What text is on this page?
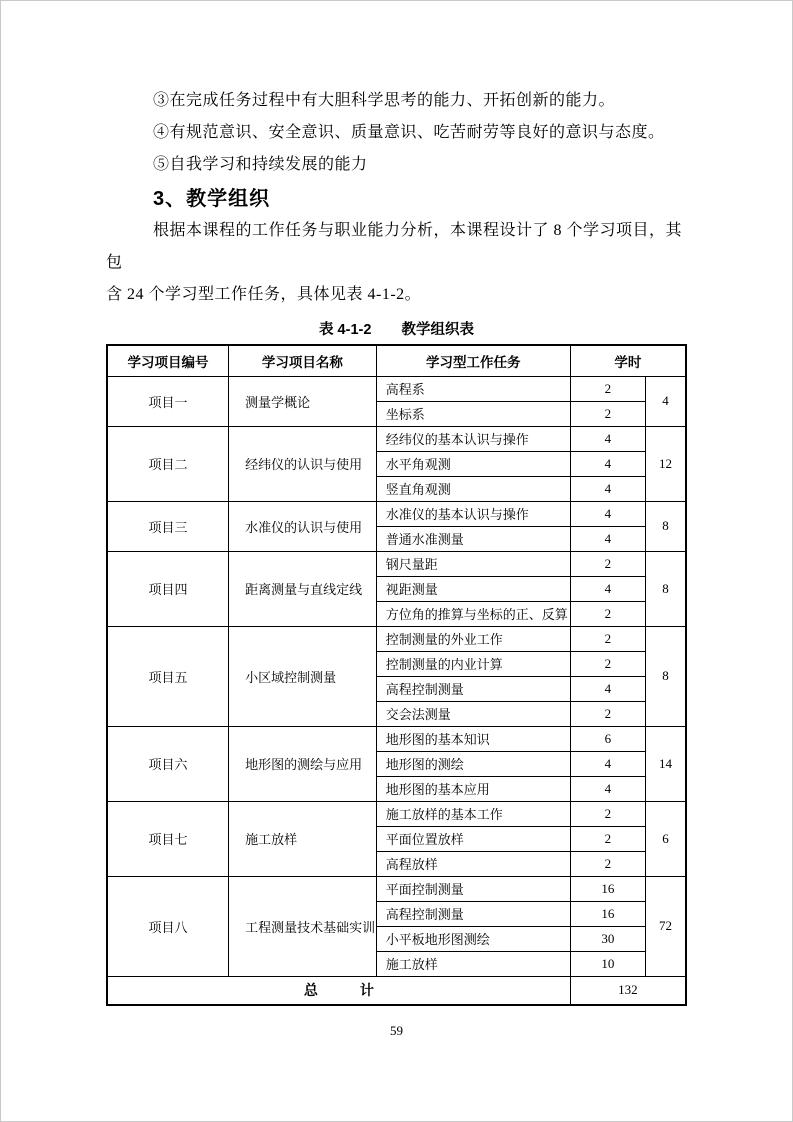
③在完成任务过程中有大胆科学思考的能力、开拓创新的能力。

④有规范意识、安全意识、质量意识、吃苦耐劳等良好的意识与态度。

⑤自我学习和持续发展的能力

3、教学组织

根据本课程的工作任务与职业能力分析，本课程设计了 8 个学习项目，其包

含 24 个学习型工作任务，具体见表 4-1-2。

表 4-1-2 教学组织表
学习项目编号	学习项目名称	学习型工作任务	学时	
项目一	测量学概论	高程系	2	4
		坐标系	2	
项目二	经纬仪的认识与使用	经纬仪的基本认识与操作	4	12
		水平角观测	4	
		竖直角观测	4	
项目三	水准仪的认识与使用	水准仪的基本认识与操作	4	8
		普通水准测量	4	
项目四	距离测量与直线定线	钢尺量距	2	8
		视距测量	4	
		方位角的推算与坐标的正、反算	2	
项目五	小区域控制测量	控制测量的外业工作	2	8
		控制测量的内业计算	2	
		高程控制测量	4	
		交会法测量	2	
项目六	地形图的测绘与应用	地形图的基本知识	6	14
		地形图的测绘	4	
		地形图的基本应用	4	
项目七	施工放样	施工放样的基本工作	2	6
		平面位置放样	2	
		高程放样	2	
项目八	工程测量技术基础实训	平面控制测量	16	72
		高程控制测量	16	
		小平板地形图测绘	30	
		施工放样	10	
总　　　计			132	
59
